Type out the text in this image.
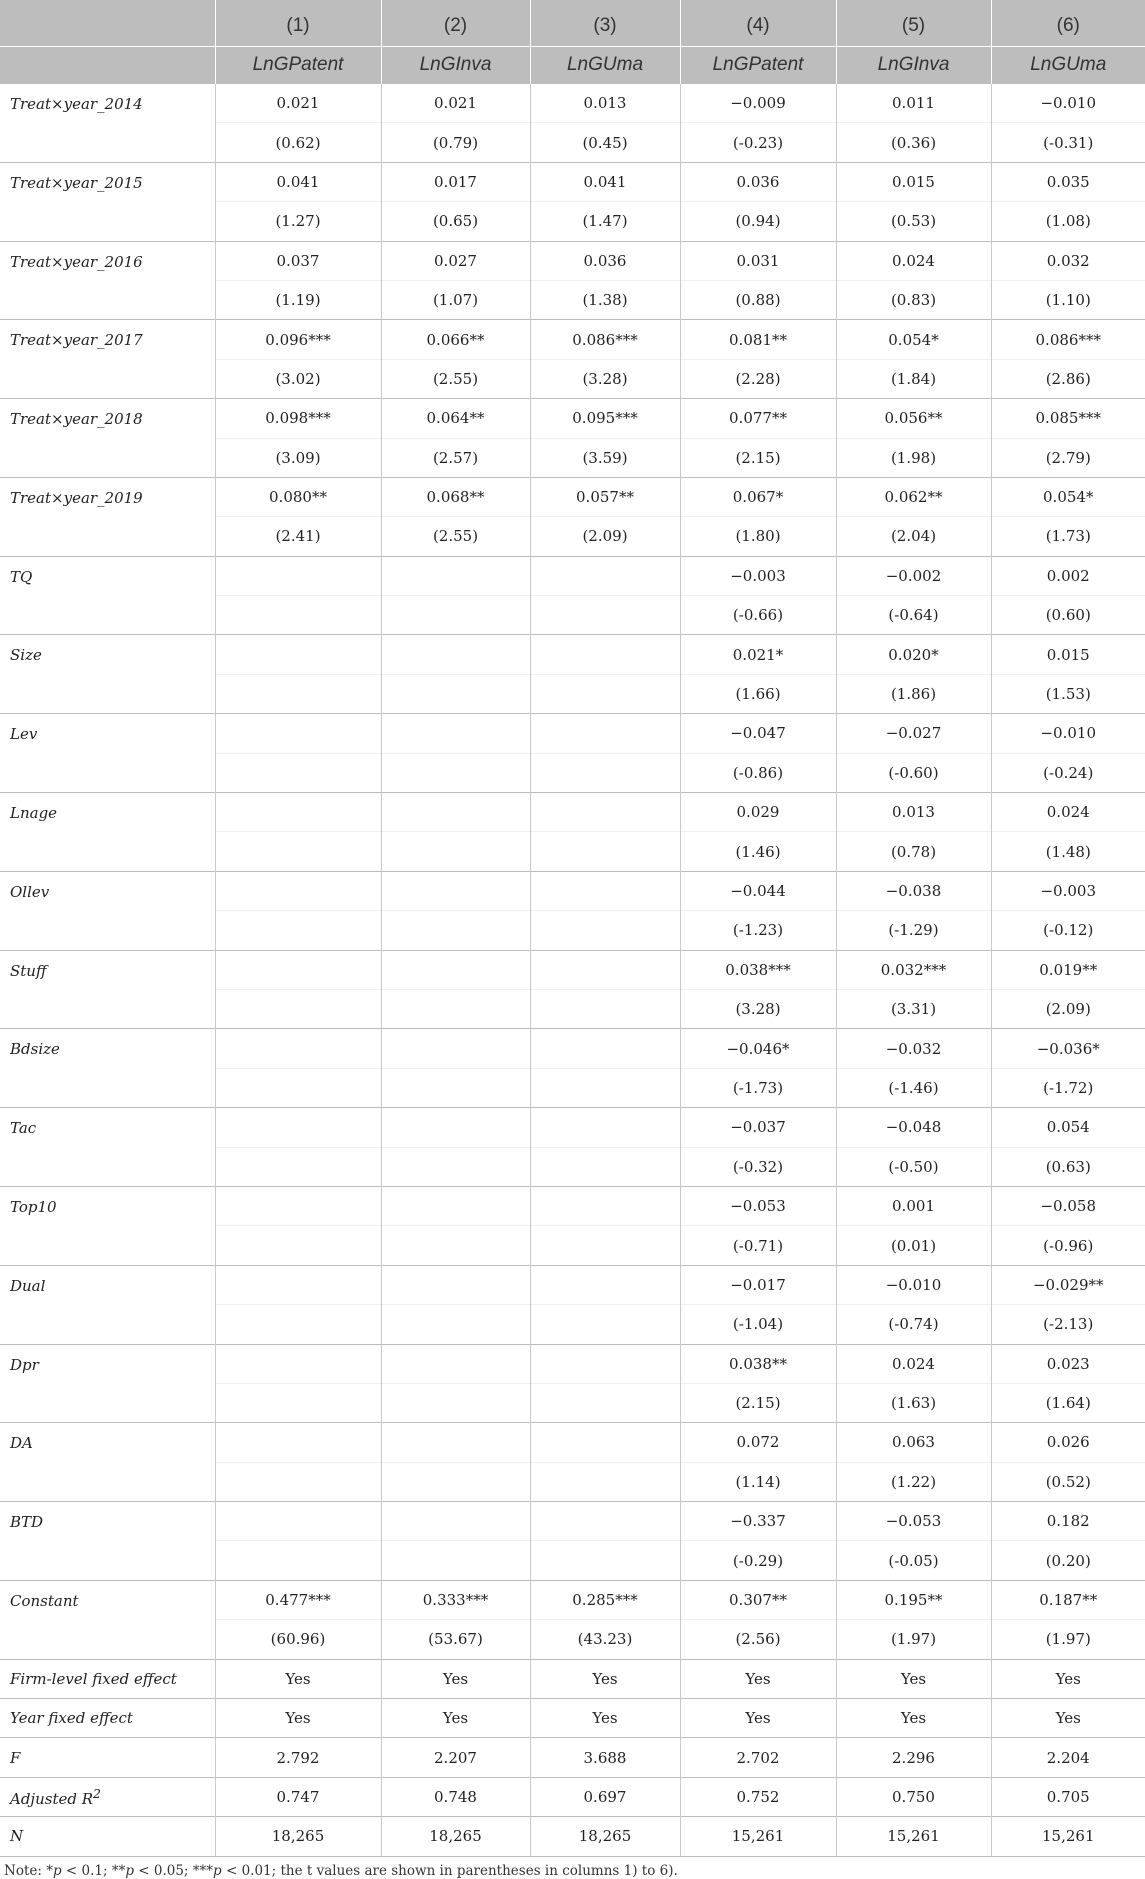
	(1)	(2)	(3)	(4)	(5)	(6)
	LnGPatent	LnGInva	LnGUma	LnGPatent	LnGInva	LnGUma
Treat×year_2014	0.021	0.021	0.013	−0.009	0.011	−0.010
	(0.62)	(0.79)	(0.45)	(-0.23)	(0.36)	(-0.31)
Treat×year_2015	0.041	0.017	0.041	0.036	0.015	0.035
	(1.27)	(0.65)	(1.47)	(0.94)	(0.53)	(1.08)
Treat×year_2016	0.037	0.027	0.036	0.031	0.024	0.032
	(1.19)	(1.07)	(1.38)	(0.88)	(0.83)	(1.10)
Treat×year_2017	0.096***	0.066**	0.086***	0.081**	0.054*	0.086***
	(3.02)	(2.55)	(3.28)	(2.28)	(1.84)	(2.86)
Treat×year_2018	0.098***	0.064**	0.095***	0.077**	0.056**	0.085***
	(3.09)	(2.57)	(3.59)	(2.15)	(1.98)	(2.79)
Treat×year_2019	0.080**	0.068**	0.057**	0.067*	0.062**	0.054*
	(2.41)	(2.55)	(2.09)	(1.80)	(2.04)	(1.73)
TQ				−0.003	−0.002	0.002
				(-0.66)	(-0.64)	(0.60)
Size				0.021*	0.020*	0.015
				(1.66)	(1.86)	(1.53)
Lev				−0.047	−0.027	−0.010
				(-0.86)	(-0.60)	(-0.24)
Lnage				0.029	0.013	0.024
				(1.46)	(0.78)	(1.48)
Ollev				−0.044	−0.038	−0.003
				(-1.23)	(-1.29)	(-0.12)
Stuff				0.038***	0.032***	0.019**
				(3.28)	(3.31)	(2.09)
Bdsize				−0.046*	−0.032	−0.036*
				(-1.73)	(-1.46)	(-1.72)
Tac				−0.037	−0.048	0.054
				(-0.32)	(-0.50)	(0.63)
Top10				−0.053	0.001	−0.058
				(-0.71)	(0.01)	(-0.96)
Dual				−0.017	−0.010	−0.029**
				(-1.04)	(-0.74)	(-2.13)
Dpr				0.038**	0.024	0.023
				(2.15)	(1.63)	(1.64)
DA				0.072	0.063	0.026
				(1.14)	(1.22)	(0.52)
BTD				−0.337	−0.053	0.182
				(-0.29)	(-0.05)	(0.20)
Constant	0.477***	0.333***	0.285***	0.307**	0.195**	0.187**
	(60.96)	(53.67)	(43.23)	(2.56)	(1.97)	(1.97)
Firm-level fixed effect	Yes	Yes	Yes	Yes	Yes	Yes
Year fixed effect	Yes	Yes	Yes	Yes	Yes	Yes
F	2.792	2.207	3.688	2.702	2.296	2.204
Adjusted $R^2$	0.747	0.748	0.697	0.752	0.750	0.705
N	18,265	18,265	18,265	15,261	15,261	15,261
Note: *p < 0.1; **p < 0.05; ***p < 0.01; the t values are shown in parentheses in columns 1) to 6).
